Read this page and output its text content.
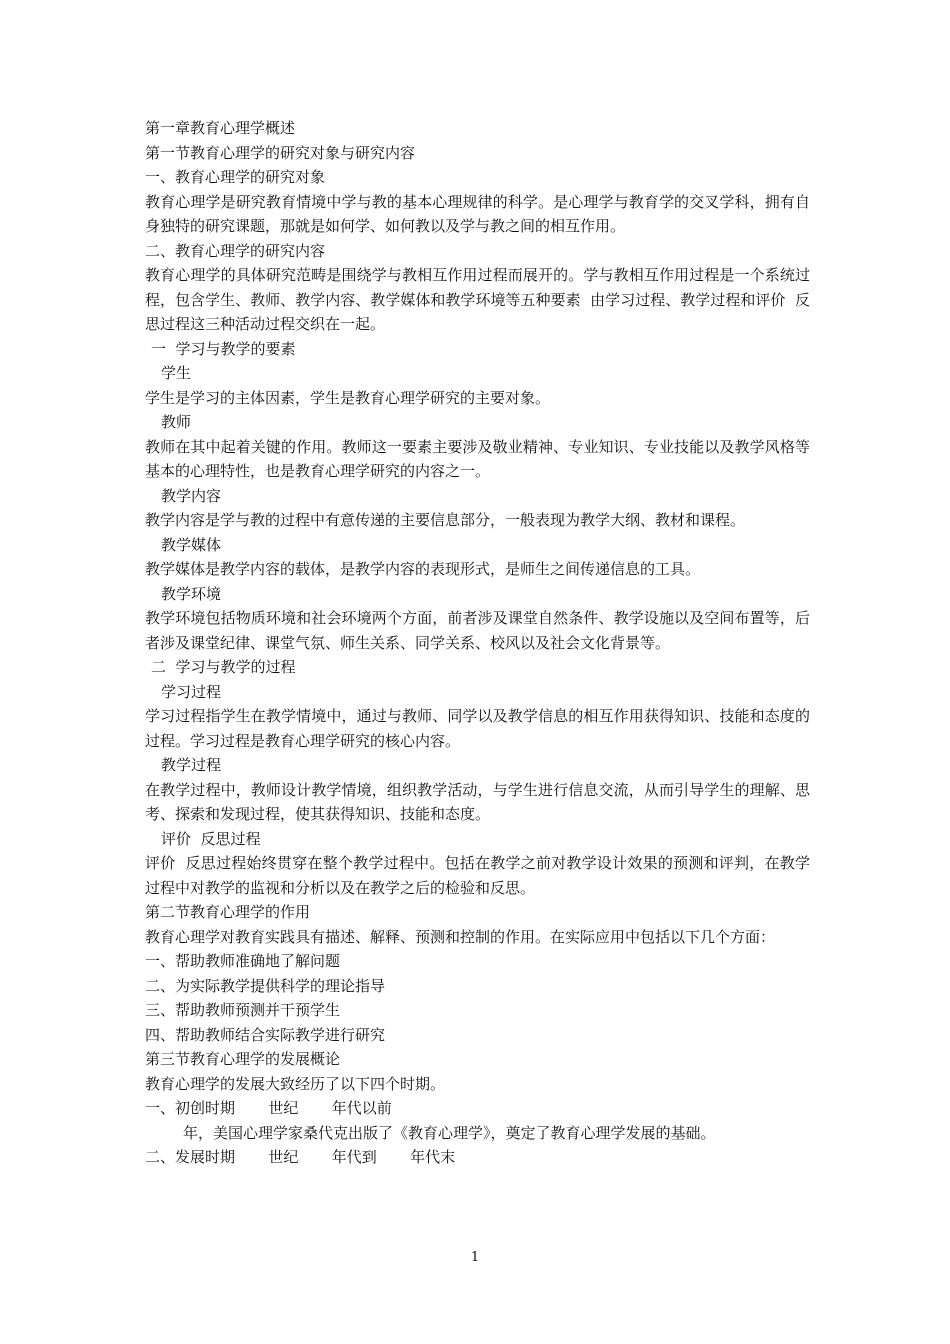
第一章教育心理学概述
第一节教育心理学的研究对象与研究内容
一、教育心理学的研究对象
教育心理学是研究教育情境中学与教的基本心理规律的科学。是心理学与教育学的交叉学科，拥有自身独特的研究课题，那就是如何学、如何教以及学与教之间的相互作用。
二、教育心理学的研究内容
教育心理学的具体研究范畴是围绕学与教相互作用过程而展开的。学与教相互作用过程是一个系统过程，包含学生、教师、教学内容、教学媒体和教学环境等五种要素  由学习过程、教学过程和评价  反思过程这三种活动过程交织在一起。
一  学习与教学的要素
学生
学生是学习的主体因素，学生是教育心理学研究的主要对象。
教师
教师在其中起着关键的作用。教师这一要素主要涉及敬业精神、专业知识、专业技能以及教学风格等基本的心理特性，也是教育心理学研究的内容之一。
教学内容
教学内容是学与教的过程中有意传递的主要信息部分，一般表现为教学大纲、教材和课程。
教学媒体
教学媒体是教学内容的载体，是教学内容的表现形式，是师生之间传递信息的工具。
教学环境
教学环境包括物质环境和社会环境两个方面，前者涉及课堂自然条件、教学设施以及空间布置等，后者涉及课堂纪律、课堂气氛、师生关系、同学关系、校风以及社会文化背景等。
二  学习与教学的过程
学习过程
学习过程指学生在教学情境中，通过与教师、同学以及教学信息的相互作用获得知识、技能和态度的过程。学习过程是教育心理学研究的核心内容。
教学过程
在教学过程中，教师设计教学情境，组织教学活动，与学生进行信息交流，从而引导学生的理解、思考、探索和发现过程，使其获得知识、技能和态度。
评价  反思过程
评价  反思过程始终贯穿在整个教学过程中。包括在教学之前对教学设计效果的预测和评判，在教学过程中对教学的监视和分析以及在教学之后的检验和反思。
第二节教育心理学的作用
教育心理学对教育实践具有描述、解释、预测和控制的作用。在实际应用中包括以下几个方面：
一、帮助教师准确地了解问题
二、为实际教学提供科学的理论指导
三、帮助教师预测并干预学生
四、帮助教师结合实际教学进行研究
第三节教育心理学的发展概论
教育心理学的发展大致经历了以下四个时期。
一、初创时期       世纪       年代以前
年，美国心理学家桑代克出版了《教育心理学》，奠定了教育心理学发展的基础。
二、发展时期       世纪       年代到       年代末
1
